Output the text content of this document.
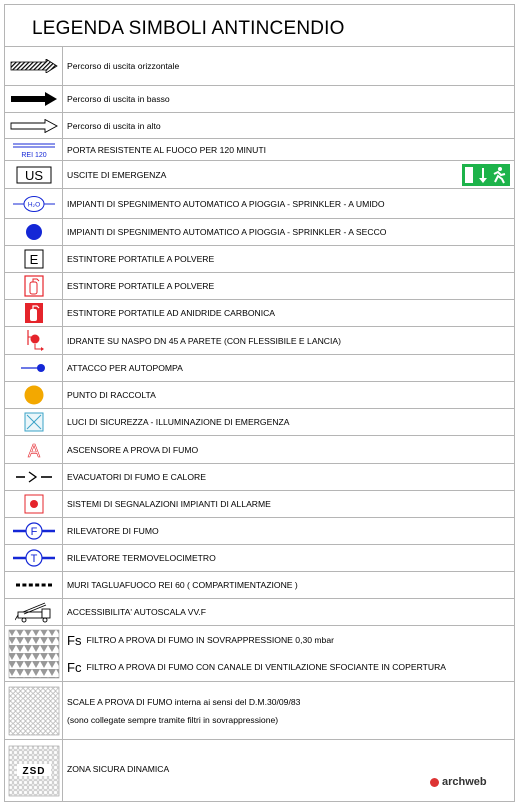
LEGENDA SIMBOLI ANTINCENDIO
Percorso di uscita orizzontale
Percorso di uscita in basso
Percorso di uscita in alto
REI 120
PORTA RESISTENTE AL FUOCO PER 120 MINUTI
US	USCITE DI EMERGENZA
H₂O	IMPIANTI DI SPEGNIMENTO AUTOMATICO A PIOGGIA - SPRINKLER - A UMIDO
IMPIANTI DI SPEGNIMENTO AUTOMATICO A PIOGGIA - SPRINKLER - A SECCO
E	ESTINTORE PORTATILE A POLVERE
ESTINTORE PORTATILE A POLVERE
ESTINTORE PORTATILE AD ANIDRIDE CARBONICA
IDRANTE SU NASPO DN 45 A PARETE (CON FLESSIBILE E LANCIA)
ATTACCO PER AUTOPOMPA
PUNTO DI RACCOLTA
LUCI DI SICUREZZA - ILLUMINAZIONE DI EMERGENZA
A	ASCENSORE A PROVA DI FUMO
EVACUATORI DI FUMO E CALORE
SISTEMI DI SEGNALAZIONI IMPIANTI DI ALLARME
F	RILEVATORE DI FUMO
T	RILEVATORE TERMOVELOCIMETRO
MURI TAGLUAFUOCO REI 60 ( COMPARTIMENTAZIONE )
ACCESSIBILITA' AUTOSCALA VV.F
Fs FILTRO A PROVA DI FUMO IN SOVRAPPRESSIONE 0,30 mbar
Fc FILTRO A PROVA DI FUMO CON CANALE DI VENTILAZIONE SFOCIANTE IN COPERTURA
SCALE A PROVA DI FUMO interna ai sensi del D.M.30/09/83
(sono collegate sempre tramite filtri in sovrappressione)
ZSD	ZONA SICURA DINAMICA
archweb
